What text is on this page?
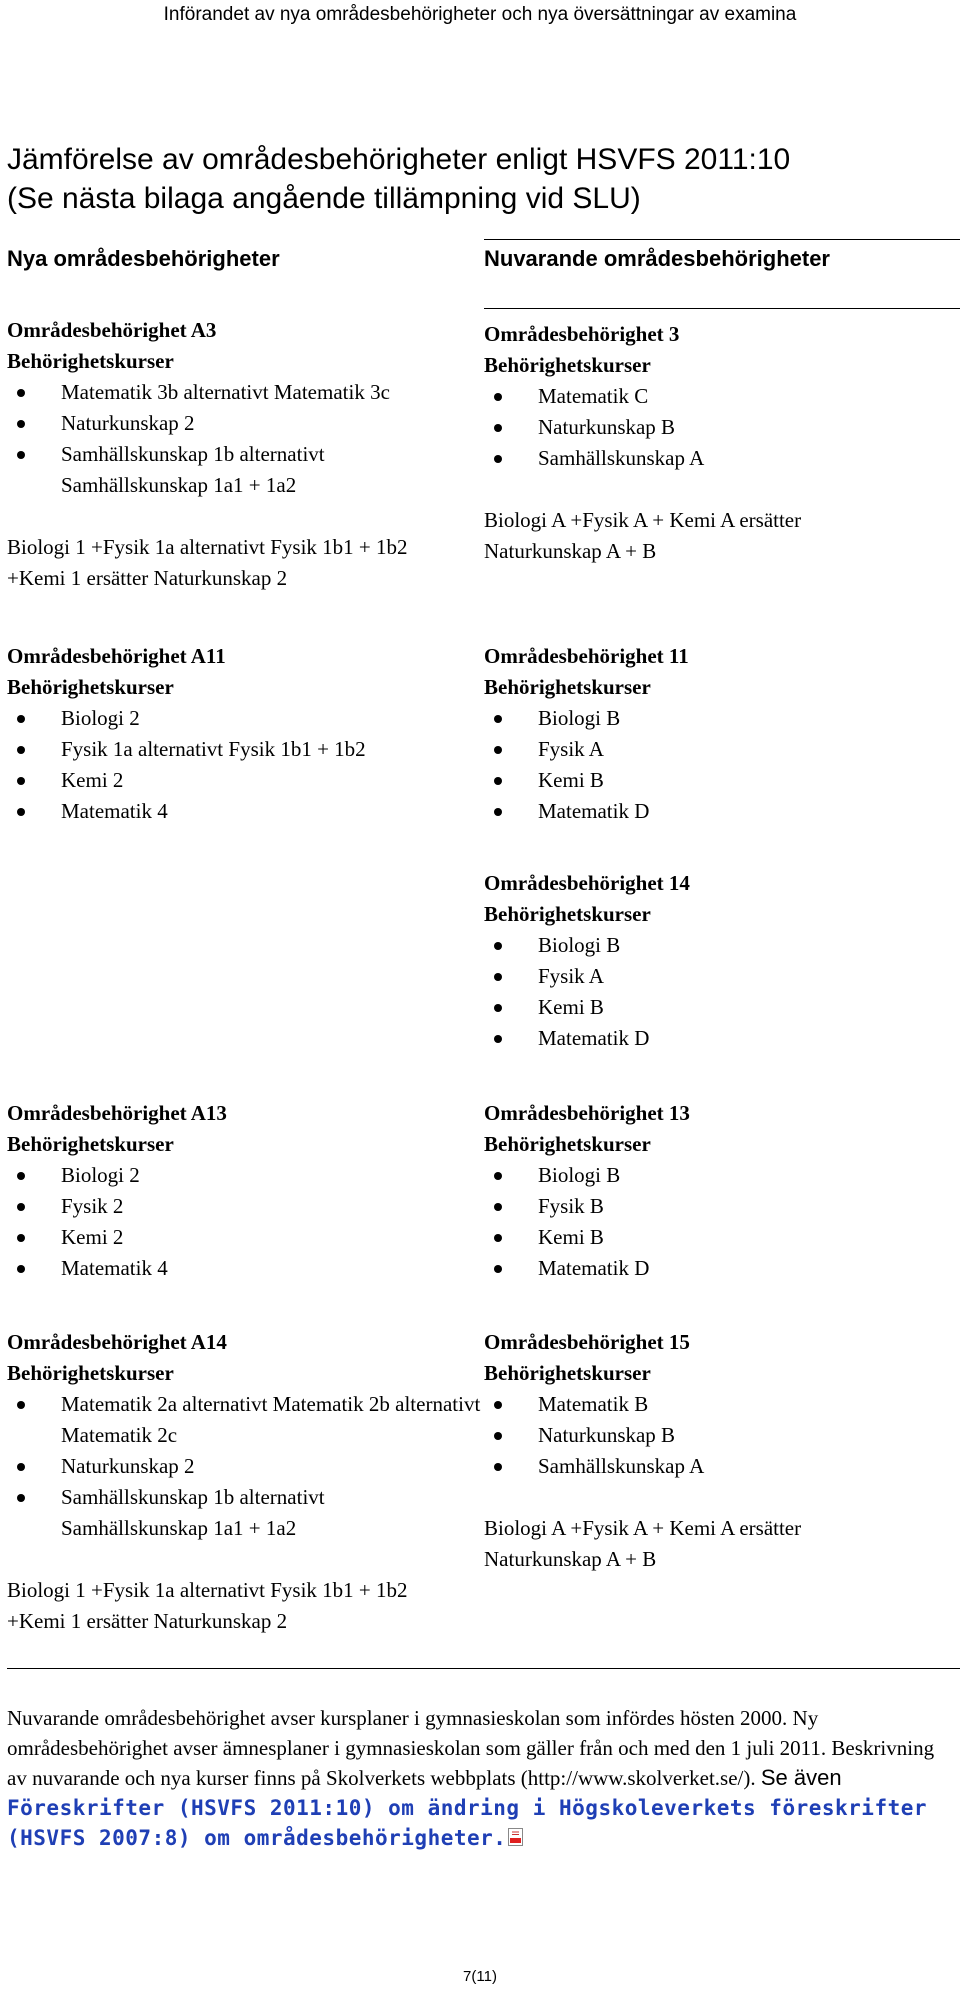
Införandet av nya områdesbehörigheter och nya översättningar av examina
Jämförelse av områdesbehörigheter enligt HSVFS 2011:10
(Se nästa bilaga angående tillämpning vid SLU)
Nya områdesbehörigheter	Nuvarande områdesbehörigheter
Områdesbehörighet A3
Behörighetskurser
Matematik 3b alternativt Matematik 3c
Naturkunskap 2
Samhällskunskap 1b alternativt Samhällskunskap 1a1 + 1a2
Biologi 1 +Fysik 1a alternativt Fysik 1b1 + 1b2 +Kemi 1 ersätter Naturkunskap 2
Områdesbehörighet 3
Behörighetskurser
Matematik C
Naturkunskap B
Samhällskunskap A
Biologi A +Fysik A + Kemi A ersätter Naturkunskap A + B
Områdesbehörighet A11
Behörighetskurser
Biologi 2
Fysik 1a alternativt Fysik 1b1 + 1b2
Kemi 2
Matematik 4
Områdesbehörighet 11
Behörighetskurser
Biologi B
Fysik A
Kemi B
Matematik D
Områdesbehörighet 14
Behörighetskurser
Biologi B
Fysik A
Kemi B
Matematik D
Områdesbehörighet A13
Behörighetskurser
Biologi 2
Fysik 2
Kemi 2
Matematik 4
Områdesbehörighet 13
Behörighetskurser
Biologi B
Fysik B
Kemi B
Matematik D
Områdesbehörighet A14
Behörighetskurser
Matematik 2a alternativt Matematik 2b alternativt Matematik 2c
Naturkunskap 2
Samhällskunskap 1b alternativt Samhällskunskap 1a1 + 1a2
Biologi 1 +Fysik 1a alternativt Fysik 1b1 + 1b2 +Kemi 1 ersätter Naturkunskap 2
Områdesbehörighet 15
Behörighetskurser
Matematik B
Naturkunskap B
Samhällskunskap A
Biologi A +Fysik A + Kemi A ersätter Naturkunskap A + B
Nuvarande områdesbehörighet avser kursplaner i gymnasieskolan som infördes hösten 2000. Ny områdesbehörighet avser ämnesplaner i gymnasieskolan som gäller från och med den 1 juli 2011. Beskrivning av nuvarande och nya kurser finns på Skolverkets webbplats (http://www.skolverket.se/). Se även Föreskrifter (HSVFS 2011:10) om ändring i Högskoleverkets föreskrifter (HSVFS 2007:8) om områdesbehörigheter.
7(11)
